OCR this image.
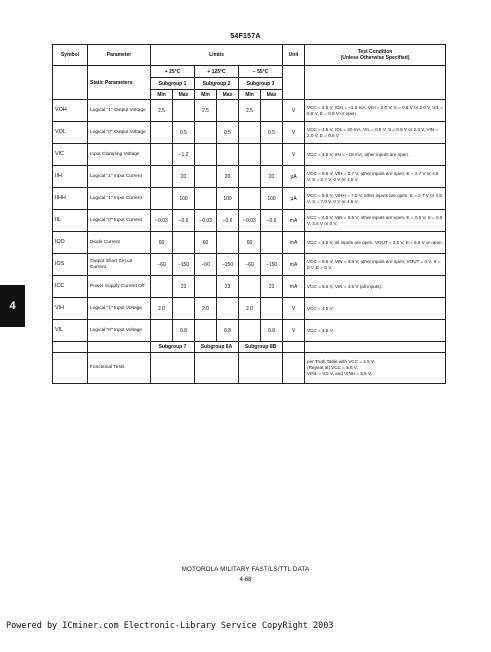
54F157A
Symbol	Parameter	Limits						Unit	Test Condition
(Unless Otherwise Specified)

	Static Parameters:	+ 25°C		+ 125°C		− 55°C			
		Subgroup 1		Subgroup 2		Subgroup 3			
		Min	Max	Min	Max	Min	Max		
VOH	Logical "1" Output Voltage	2.5		2.5		2.5		V	VCC = 4.5 V, IOH = −1.0 mA, VIH = 2.0 V, S = 0.8 V or 2.0 V, VIL = 0.8 V, E = 0.8 V or open.
VOL	Logical "0" Output Voltage		0.5		0.5		0.5	V	VCC = 4.5 V, IOL = 20 mA, VIL = 0.8 V, S = 0.8 V or 2.0 V, VIN = 2.0 V, E = 0.8 V
VIC	Input Clamping Voltage		−1.2					V	VCC = 4.5 V, IIN = −18 mA, other inputs are open.
IIH	Logical "1" Input Current		20		20		20	µA	VCC = 5.5 V, VIH = 2.7 V, other inputs are open, E = 2.7 V or 4.5 V, S = 2.7 V, 0 V or 4.5 V
IIHH	Logical "1" Input Current		100		100		100	µA	VCC = 5.5 V, VIHH = 7.0 V, other inputs are open, E = 2.7 V or 4.5 V, S = 7.0 V, 0 V or 4.5 V.
IIL	Logical "0" Input Current	−0.03	−0.6	−0.03	−0.6	−0.03	−0.6	mA	VCC = 5.5 V, VIN = 0.5 V, other inputs are open, E = 0.5 V, S = 0.5 V, 4.5 V or 0 V.
IOD	Diode Current	60		60		60		mA	VCC = 4.5 V, all inputs are open, VOUT = 2.5 V, E = 5.5 V or open.
IOS	Output Short Circuit Current	−60	−150	−60	−150	−60	−150	mA	VCC = 5.5 V, VIN = 4.5 V, other inputs are open, VOUT = 0 V, S = 0 V, E = 0 V.
ICC	Power Supply Current Off		23		23		23	mA	VCC = 5.5 V, VIN = 4.5 V (all inputs).
VIH	Logical "1" Input Voltage	2.0		2.0		2.0		V	VCC = 4.5 V.
VIL	Logical "0" Input Voltage		0.8		0.8		0.8	V	VCC = 4.5 V.
		Subgroup 7		Subgroup 8A		Subgroup 8B			
	Functional Tests								per Truth Table with VCC = 4.5 V,
(Repeat at) VCC = 5.5 V,
VINL = 0.5 V, and VINH = 2.5 V.
4
MOTOROLA MILITARY FAST/LS/TTL DATA
4-68
Powered by ICminer.com Electronic-Library Service CopyRight 2003
